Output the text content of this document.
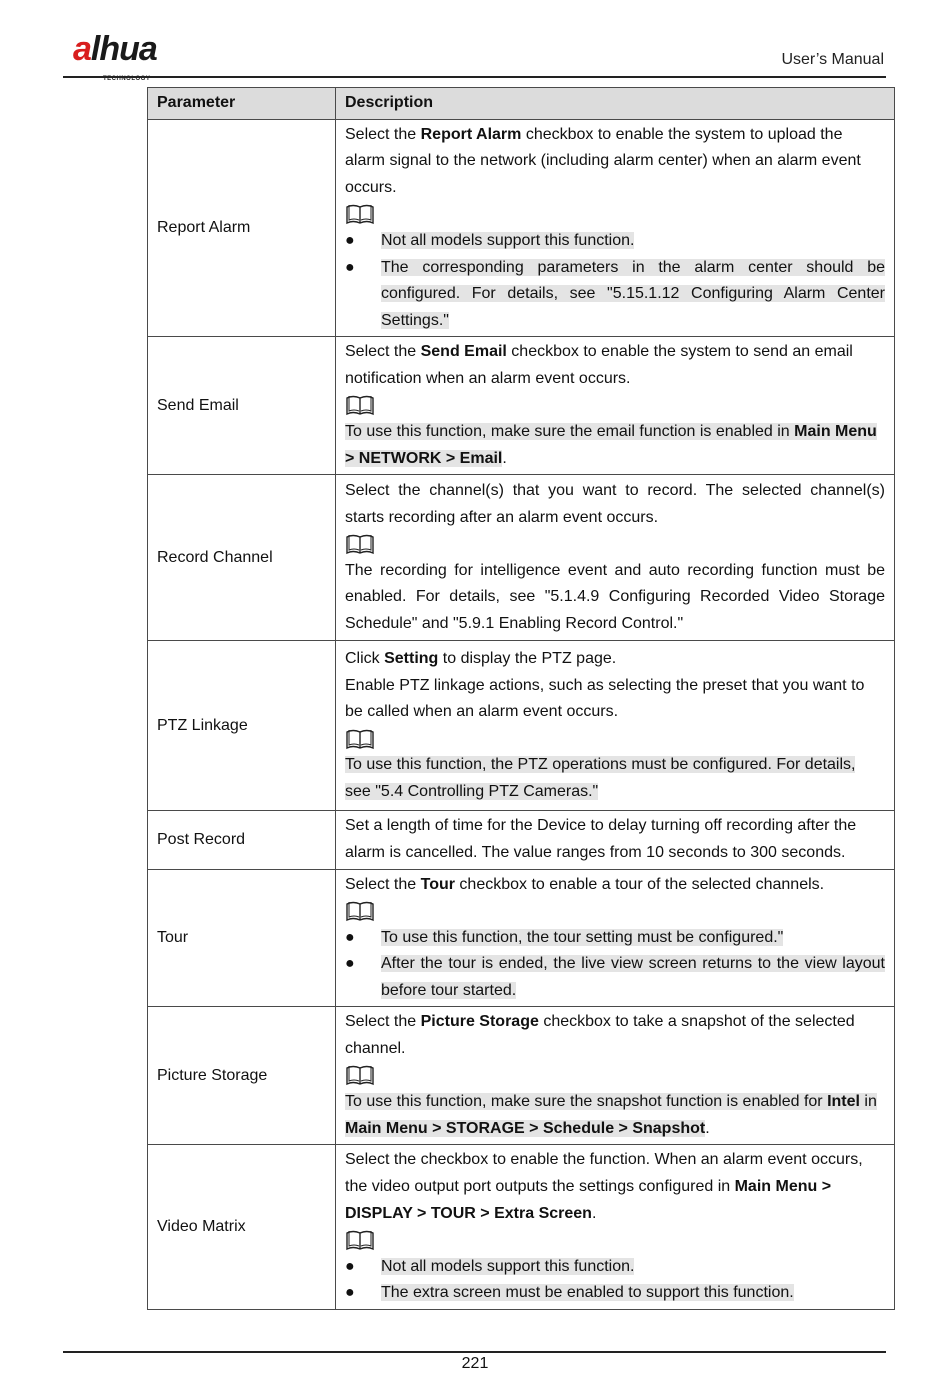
alhua
TECHNOLOGY
User’s Manual
Parameter	Description
Report Alarm	Select the Report Alarm checkbox to enable the system to upload the alarm signal to the network (including alarm center) when an alarm event occurs.
● Not all models support this function.
● The corresponding parameters in the alarm center should be configured. For details, see "5.15.1.12 Configuring Alarm Center Settings."

Send Email	Select the Send Email checkbox to enable the system to send an email notification when an alarm event occurs.
To use this function, make sure the email function is enabled in Main Menu > NETWORK > Email.

Record Channel	Select the channel(s) that you want to record. The selected channel(s) starts recording after an alarm event occurs.
The recording for intelligence event and auto recording function must be enabled. For details, see "5.1.4.9 Configuring Recorded Video Storage Schedule" and "5.9.1 Enabling Record Control."

PTZ Linkage	Click Setting to display the PTZ page.
Enable PTZ linkage actions, such as selecting the preset that you want to be called when an alarm event occurs.
To use this function, the PTZ operations must be configured. For details, see "5.4 Controlling PTZ Cameras."

Post Record	Set a length of time for the Device to delay turning off recording after the alarm is cancelled. The value ranges from 10 seconds to 300 seconds.

Tour	Select the Tour checkbox to enable a tour of the selected channels.
● To use this function, the tour setting must be configured."
● After the tour is ended, the live view screen returns to the view layout before tour started.

Picture Storage	Select the Picture Storage checkbox to take a snapshot of the selected channel.
To use this function, make sure the snapshot function is enabled for Intel in Main Menu > STORAGE > Schedule > Snapshot.

Video Matrix	Select the checkbox to enable the function. When an alarm event occurs, the video output port outputs the settings configured in Main Menu > DISPLAY > TOUR > Extra Screen.
● Not all models support this function.
● The extra screen must be enabled to support this function.
221
